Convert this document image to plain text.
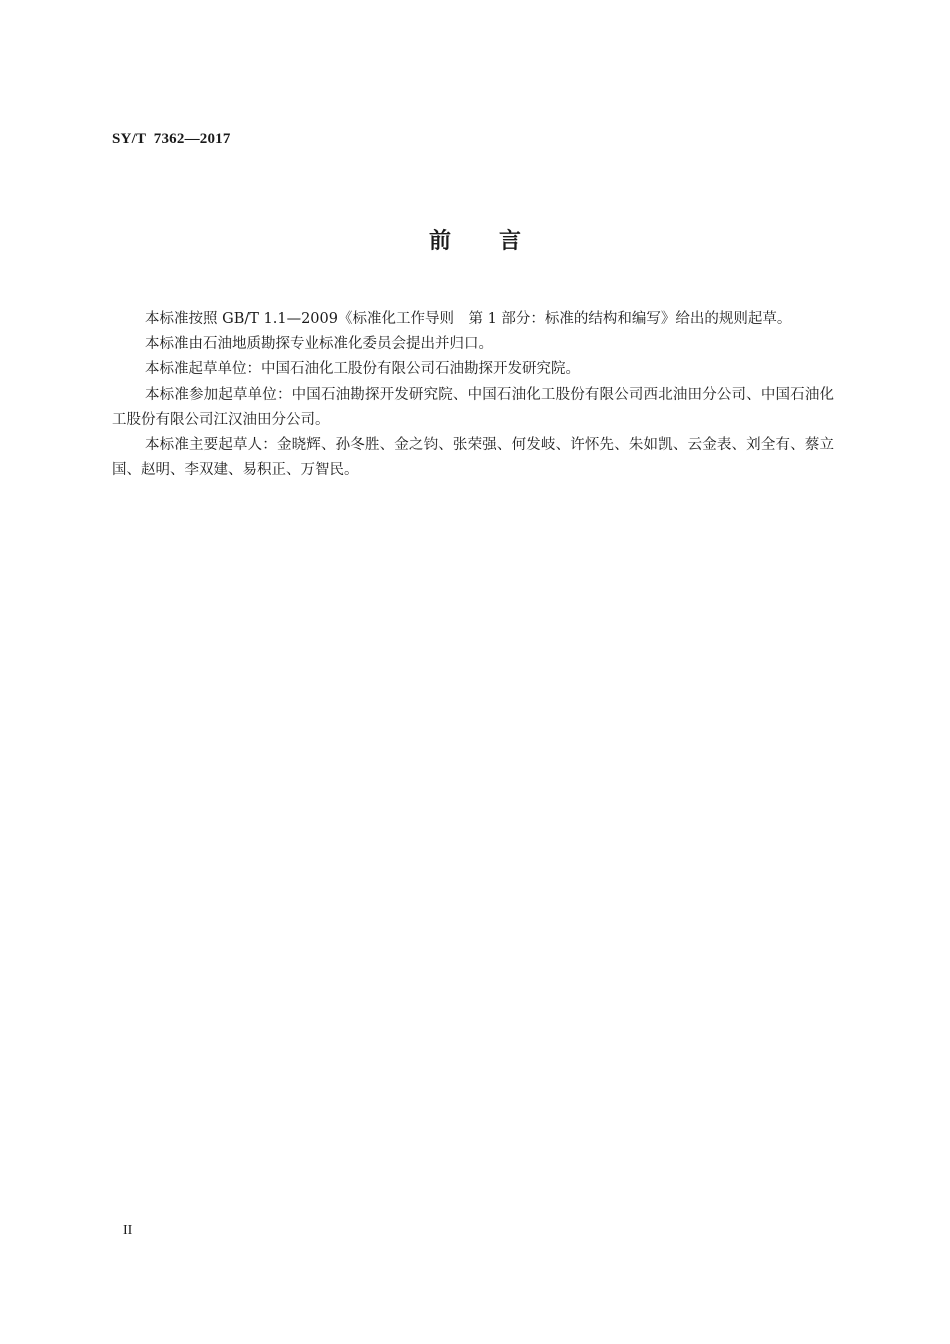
SY/T  7362—2017
前言

本标准按照 GB/T 1.1—2009《标准化工作导则　第 1 部分：标准的结构和编写》给出的规则起草。

本标准由石油地质勘探专业标准化委员会提出并归口。

本标准起草单位：中国石油化工股份有限公司石油勘探开发研究院。

本标准参加起草单位：中国石油勘探开发研究院、中国石油化工股份有限公司西北油田分公司、中国石油化工股份有限公司江汉油田分公司。

本标准主要起草人：金晓辉、孙冬胜、金之钧、张荣强、何发岐、许怀先、朱如凯、云金表、刘全有、蔡立国、赵明、李双建、易积正、万智民。

II
